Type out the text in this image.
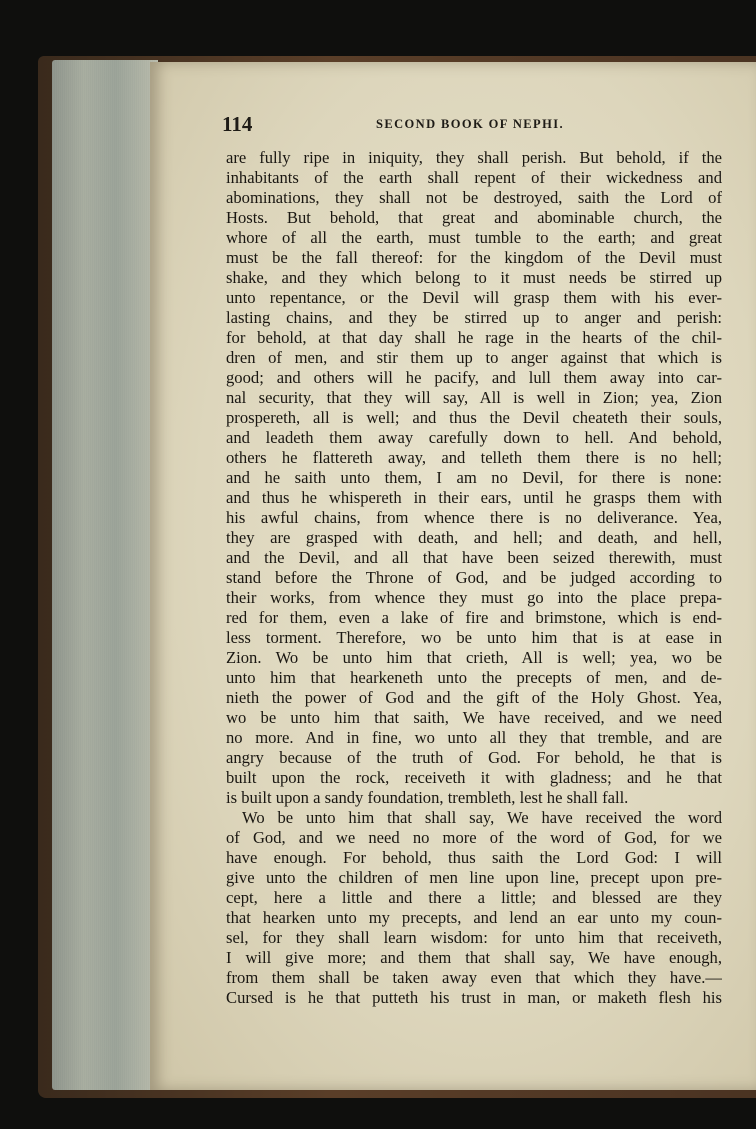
114	SECOND BOOK OF NEPHI.
are fully ripe in iniquity, they shall perish. But behold, if the
inhabitants of the earth shall repent of their wickedness and
abominations, they shall not be destroyed, saith the Lord of
Hosts. But behold, that great and abominable church, the
whore of all the earth, must tumble to the earth; and great
must be the fall thereof: for the kingdom of the Devil must
shake, and they which belong to it must needs be stirred up
unto repentance, or the Devil will grasp them with his ever-
lasting chains, and they be stirred up to anger and perish:
for behold, at that day shall he rage in the hearts of the chil-
dren of men, and stir them up to anger against that which is
good; and others will he pacify, and lull them away into car-
nal security, that they will say, All is well in Zion; yea, Zion
prospereth, all is well; and thus the Devil cheateth their souls,
and leadeth them away carefully down to hell. And behold,
others he flattereth away, and telleth them there is no hell;
and he saith unto them, I am no Devil, for there is none:
and thus he whispereth in their ears, until he grasps them with
his awful chains, from whence there is no deliverance. Yea,
they are grasped with death, and hell; and death, and hell,
and the Devil, and all that have been seized therewith, must
stand before the Throne of God, and be judged according to
their works, from whence they must go into the place prepa-
red for them, even a lake of fire and brimstone, which is end-
less torment. Therefore, wo be unto him that is at ease in
Zion. Wo be unto him that crieth, All is well; yea, wo be
unto him that hearkeneth unto the precepts of men, and de-
nieth the power of God and the gift of the Holy Ghost. Yea,
wo be unto him that saith, We have received, and we need
no more. And in fine, wo unto all they that tremble, and are
angry because of the truth of God. For behold, he that is
built upon the rock, receiveth it with gladness; and he that
is built upon a sandy foundation, trembleth, lest he shall fall.
Wo be unto him that shall say, We have received the word
of God, and we need no more of the word of God, for we
have enough. For behold, thus saith the Lord God: I will
give unto the children of men line upon line, precept upon pre-
cept, here a little and there a little; and blessed are they
that hearken unto my precepts, and lend an ear unto my coun-
sel, for they shall learn wisdom: for unto him that receiveth,
I will give more; and them that shall say, We have enough,
from them shall be taken away even that which they have.—
Cursed is he that putteth his trust in man, or maketh flesh his
